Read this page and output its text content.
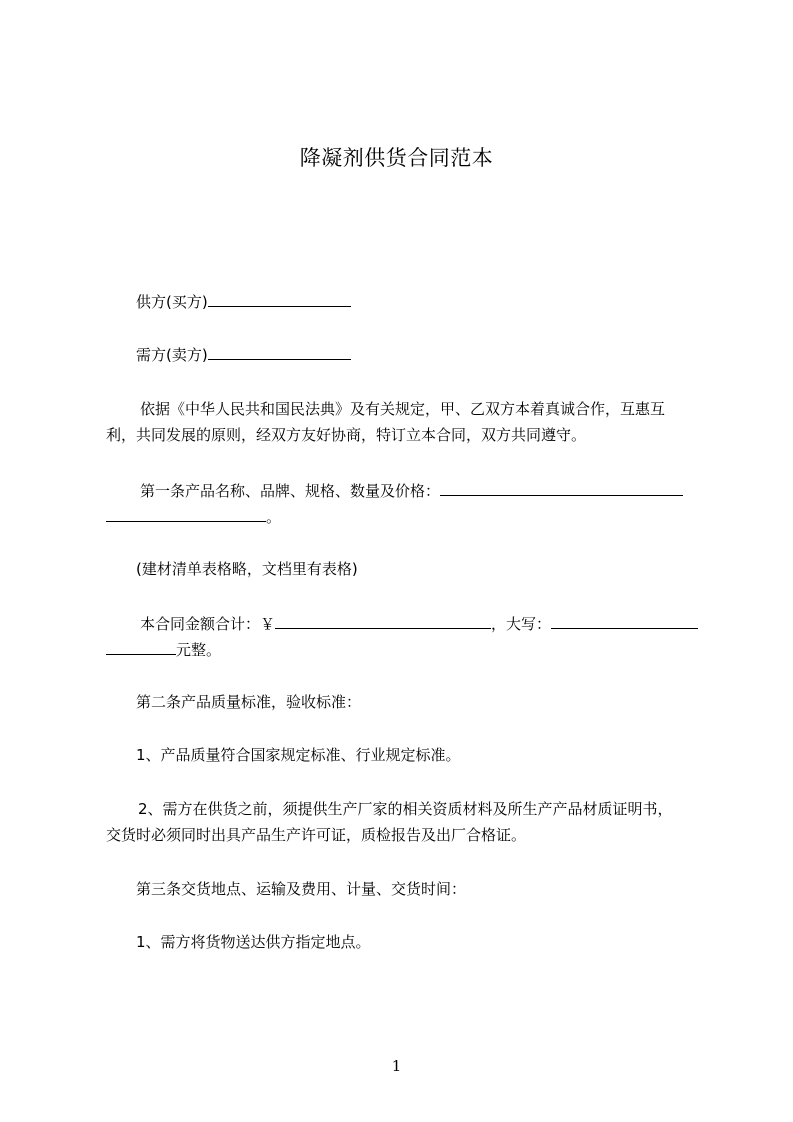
降凝剂供货合同范本
供方(买方)
需方(卖方)
依据《中华人民共和国民法典》及有关规定，甲、乙双方本着真诚合作，互惠互
利，共同发展的原则，经双方友好协商，特订立本合同，双方共同遵守。
第一条产品名称、品牌、规格、数量及价格：
。
(建材清单表格略，文档里有表格)
本合同金额合计：￥	，大写：
元整。
第二条产品质量标准，验收标准：
1、产品质量符合国家规定标准、行业规定标准。
2、需方在供货之前，须提供生产厂家的相关资质材料及所生产产品材质证明书，
交货时必须同时出具产品生产许可证，质检报告及出厂合格证。
第三条交货地点、运输及费用、计量、交货时间：
1、需方将货物送达供方指定地点。
1
